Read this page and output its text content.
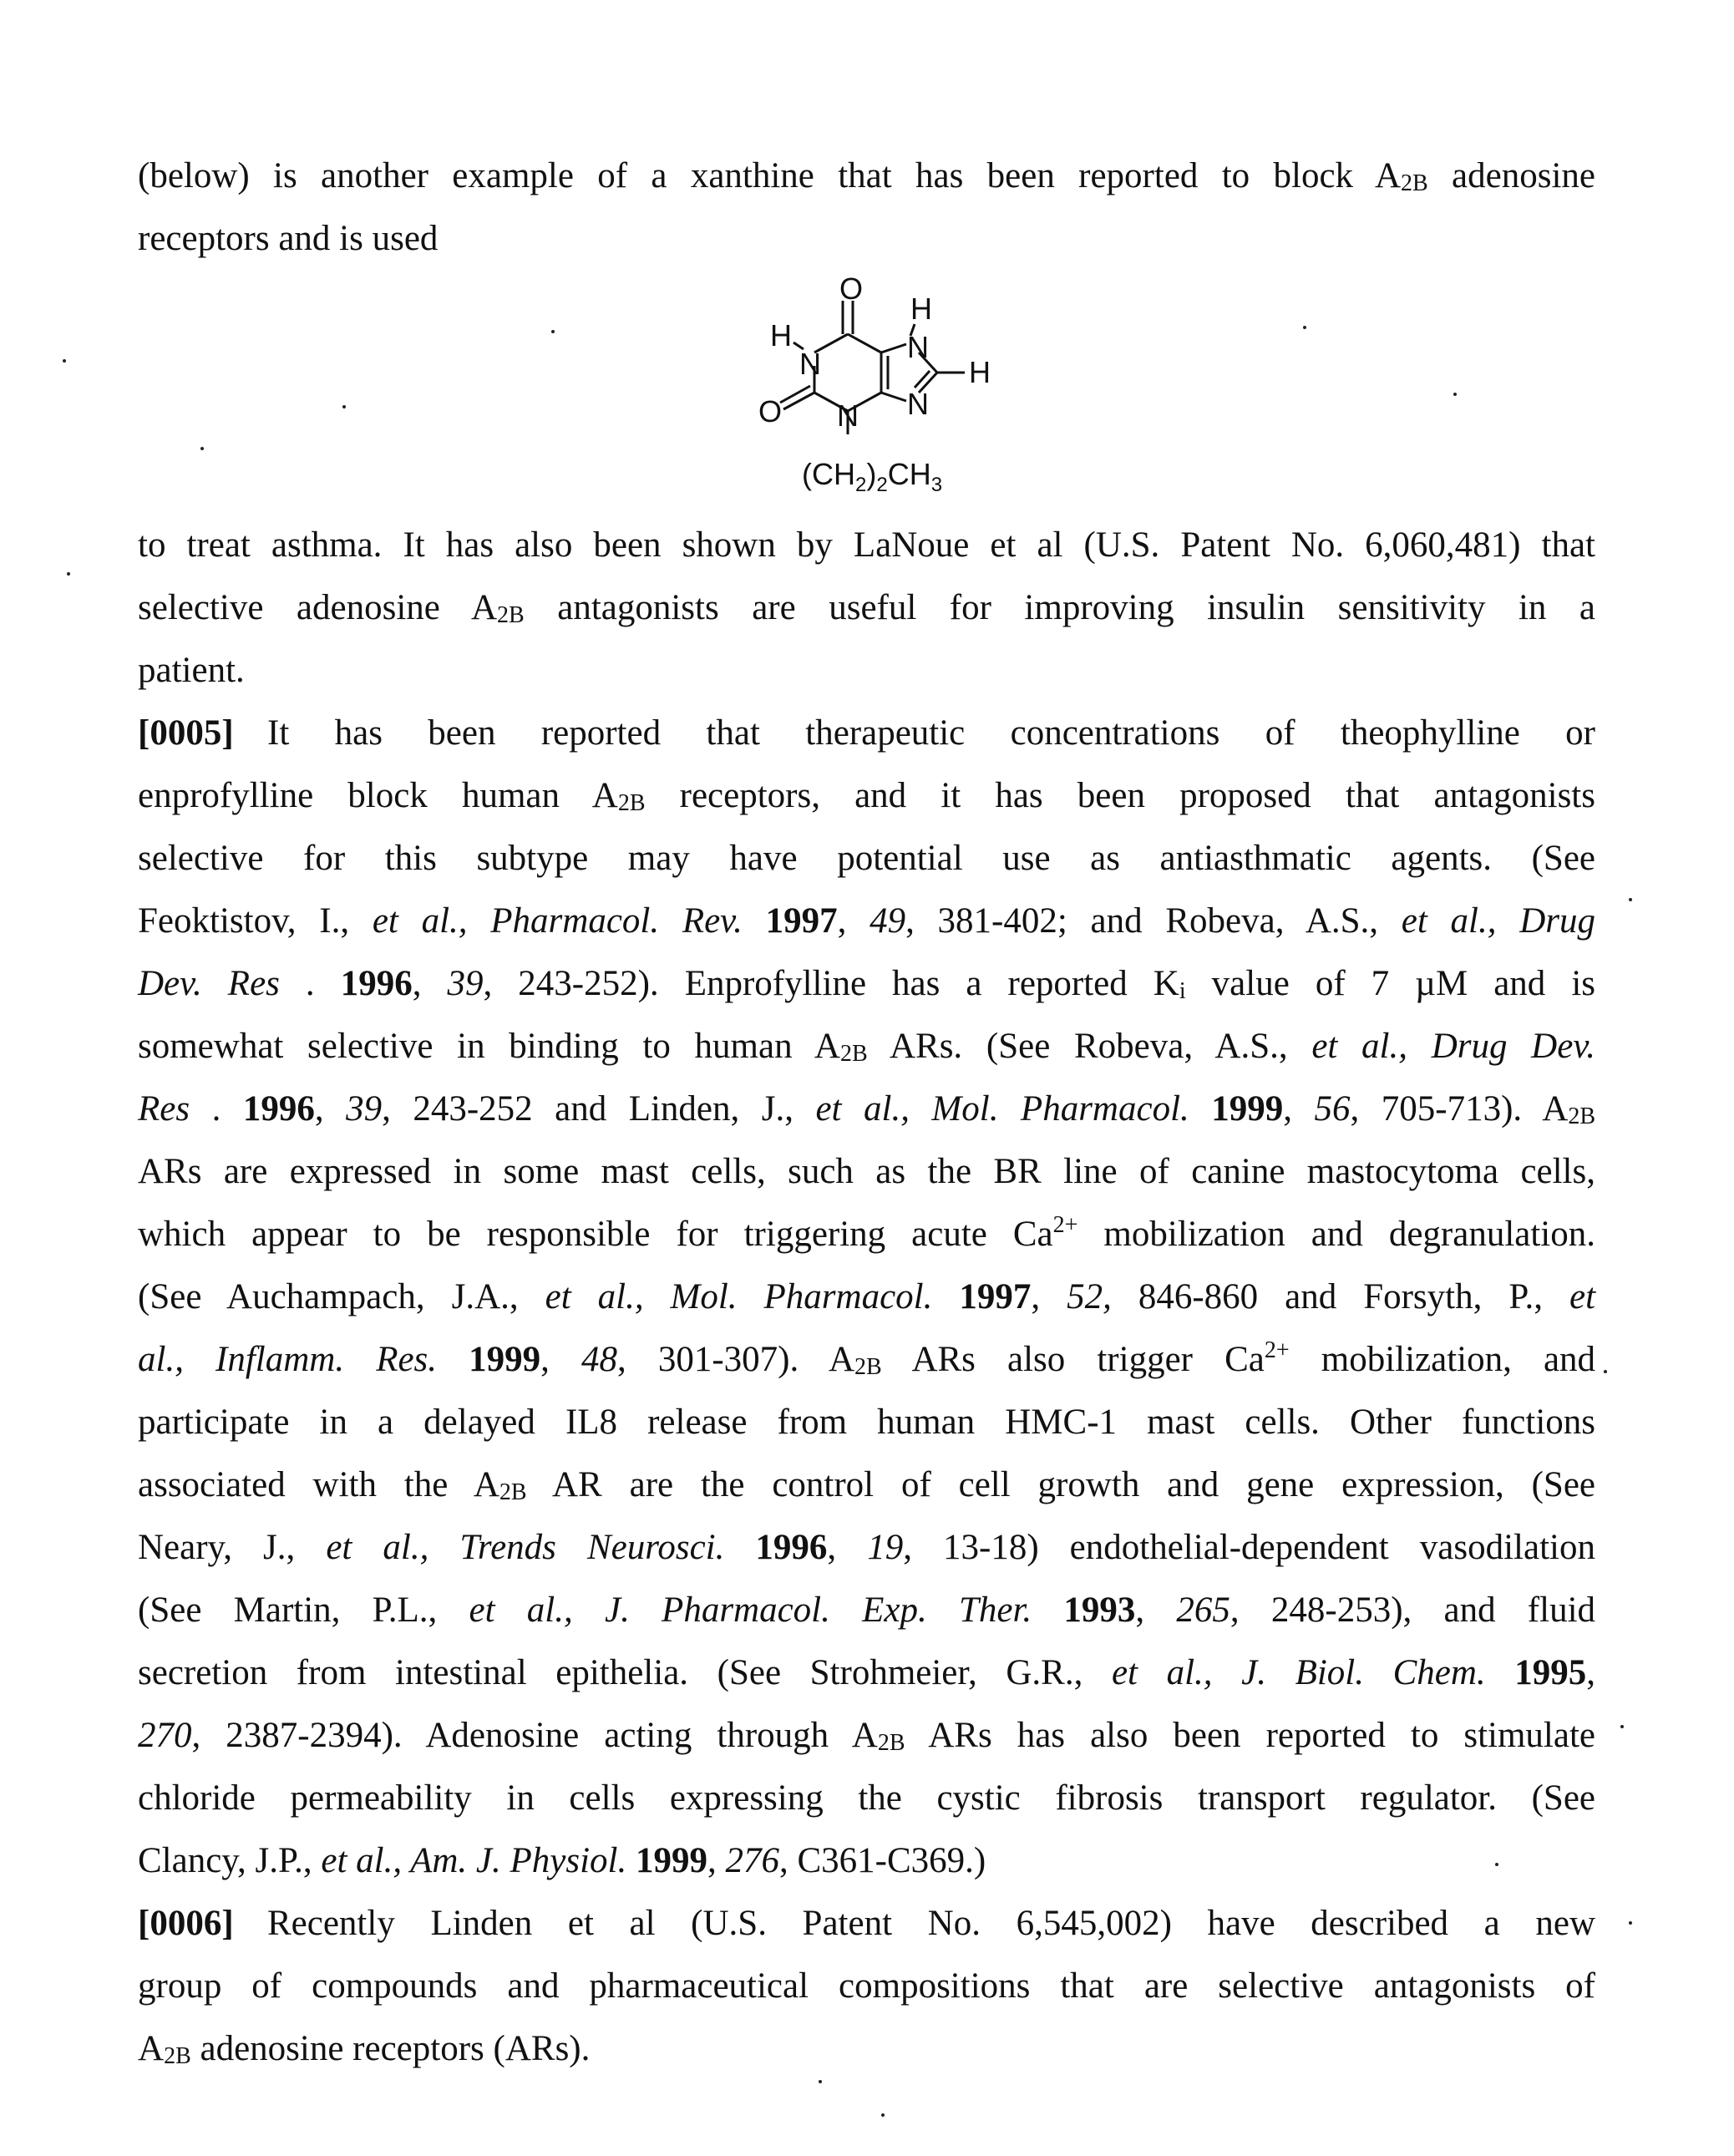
(below) is another example of a xanthine that has been reported to block A2B adenosine
receptors and is used
O
H
H
N	N
H
O N N
(CH2)2CH3
to treat asthma. It has also been shown by LaNoue et al (U.S. Patent No. 6,060,481) that
selective adenosine A2B antagonists are useful for improving insulin sensitivity in a
patient.
[0005] It has been reported that therapeutic concentrations of theophylline or
enprofylline block human A2B receptors, and it has been proposed that antagonists
selective for this subtype may have potential use as antiasthmatic agents. (See
Feoktistov, I., et al., Pharmacol. Rev. 1997, 49, 381-402; and Robeva, A.S., et al., Drug
Dev. Res . 1996, 39, 243-252). Enprofylline has a reported Ki value of 7 µM and is
somewhat selective in binding to human A2B ARs. (See Robeva, A.S., et al., Drug Dev.
Res . 1996, 39, 243-252 and Linden, J., et al., Mol. Pharmacol. 1999, 56, 705-713). A2B
ARs are expressed in some mast cells, such as the BR line of canine mastocytoma cells,
which appear to be responsible for triggering acute Ca2+ mobilization and degranulation.
(See Auchampach, J.A., et al., Mol. Pharmacol. 1997, 52, 846-860 and Forsyth, P., et
al., Inflamm. Res. 1999, 48, 301-307). A2B ARs also trigger Ca2+ mobilization, and
participate in a delayed IL8 release from human HMC-1 mast cells. Other functions
associated with the A2B AR are the control of cell growth and gene expression, (See
Neary, J., et al., Trends Neurosci. 1996, 19, 13-18) endothelial-dependent vasodilation
(See Martin, P.L., et al., J. Pharmacol. Exp. Ther. 1993, 265, 248-253), and fluid
secretion from intestinal epithelia. (See Strohmeier, G.R., et al., J. Biol. Chem. 1995,
270, 2387-2394). Adenosine acting through A2B ARs has also been reported to stimulate
chloride permeability in cells expressing the cystic fibrosis transport regulator. (See
Clancy, J.P., et al., Am. J. Physiol. 1999, 276, C361-C369.)
[0006] Recently Linden et al (U.S. Patent No. 6,545,002) have described a new
group of compounds and pharmaceutical compositions that are selective antagonists of
A2B adenosine receptors (ARs).
